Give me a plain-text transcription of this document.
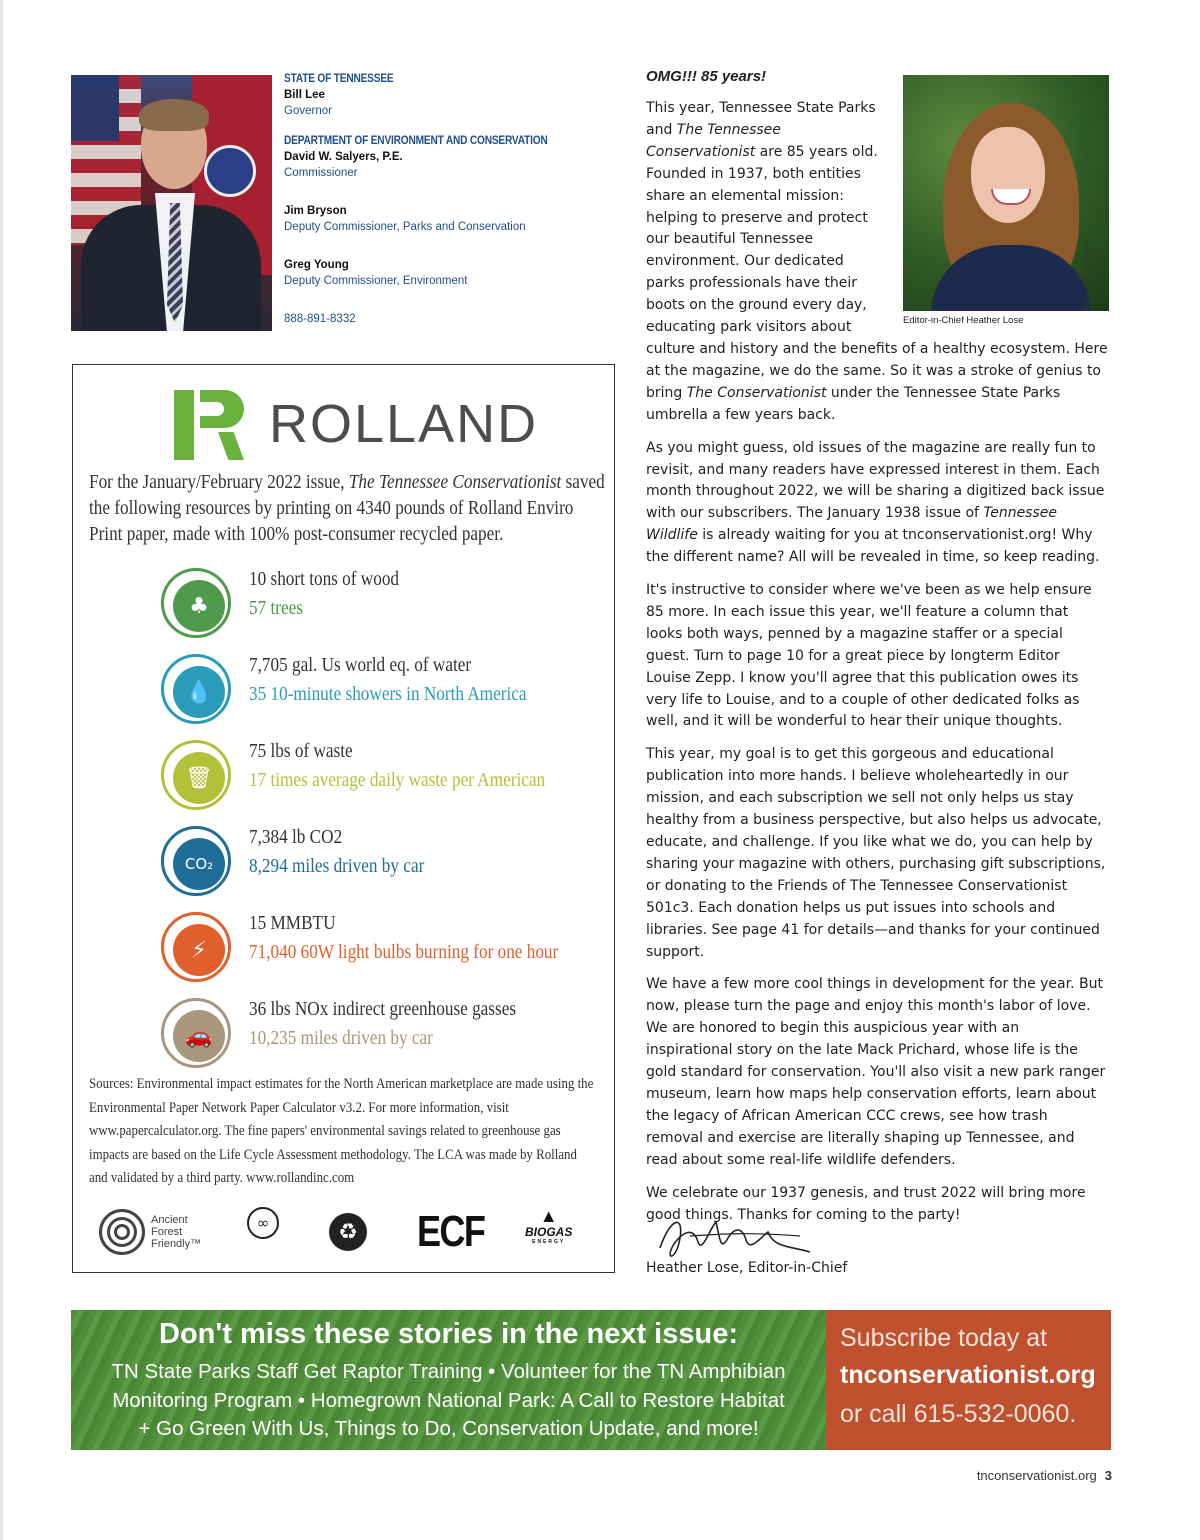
STATE OF TENNESSEE
Bill Lee
Governor
DEPARTMENT OF ENVIRONMENT AND CONSERVATION
David W. Salyers, P.E.
Commissioner
Jim Bryson
Deputy Commissioner, Parks and Conservation
Greg Young
Deputy Commissioner, Environment
888-891-8332
ROLLAND
For the January/February 2022 issue, The Tennessee Conservationist saved the following resources by printing on 4340 pounds of Rolland Enviro Print paper, made with 100% post-consumer recycled paper.
♣
10 short tons of wood
57 trees
💧
7,705 gal. Us world eq. of water
35 10-minute showers in North America
🗑
75 lbs of waste
17 times average daily waste per American
CO₂
7,384 lb CO2
8,294 miles driven by car
⚡
15 MMBTU
71,040 60W light bulbs burning for one hour
🚗
36 lbs NOx indirect greenhouse gasses
10,235 miles driven by car
Sources: Environmental impact estimates for the North American marketplace are made using the Environmental Paper Network Paper Calculator v3.2. For more information, visit www.papercalculator.org. The fine papers' environmental savings related to greenhouse gas impacts are based on the Life Cycle Assessment methodology. The LCA was made by Rolland and validated by a third party. www.rollandinc.com
Ancient Forest Friendly™
∞	♻ ECF	▲
BIOGAS
ENERGY
OMG!!! 85 years!
Andrea Behrends
Editor-in-Chief Heather Lose

This year, Tennessee State Parks and The Tennessee Conservationist are 85 years old. Founded in 1937, both entities share an elemental mission: helping to preserve and protect our beautiful Tennessee environment. Our dedicated parks professionals have their boots on the ground every day, educating park visitors about
culture and history and the benefits of a healthy ecosystem. Here at the magazine, we do the same. So it was a stroke of genius to bring The Conservationist under the Tennessee State Parks umbrella a few years back.

As you might guess, old issues of the magazine are really fun to revisit, and many readers have expressed interest in them. Each month throughout 2022, we will be sharing a digitized back issue with our subscribers. The January 1938 issue of Tennessee Wildlife is already waiting for you at tnconservationist.org! Why the different name? All will be revealed in time, so keep reading.

It's instructive to consider where we've been as we help ensure 85 more. In each issue this year, we'll feature a column that looks both ways, penned by a magazine staffer or a special guest. Turn to page 10 for a great piece by longterm Editor Louise Zepp. I know you'll agree that this publication owes its very life to Louise, and to a couple of other dedicated folks as well, and it will be wonderful to hear their unique thoughts.

This year, my goal is to get this gorgeous and educational publication into more hands. I believe wholeheartedly in our mission, and each subscription we sell not only helps us stay healthy from a business perspective, but also helps us advocate, educate, and challenge. If you like what we do, you can help by sharing your magazine with others, purchasing gift subscriptions, or donating to the Friends of The Tennessee Conservationist 501c3. Each donation helps us put issues into schools and libraries. See page 41 for details—and thanks for your continued support.

We have a few more cool things in development for the year. But now, please turn the page and enjoy this month's labor of love. We are honored to begin this auspicious year with an inspirational story on the late Mack Prichard, whose life is the gold standard for conservation. You'll also visit a new park ranger museum, learn how maps help conservation efforts, learn about the legacy of African American CCC crews, see how trash removal and exercise are literally shaping up Tennessee, and read about some real-life wildlife defenders.

We celebrate our 1937 genesis, and trust 2022 will bring more good things. Thanks for coming to the party!

Heather Lose, Editor-in-Chief
Don't miss these stories in the next issue:
TN State Parks Staff Get Raptor Training • Volunteer for the TN Amphibian
Monitoring Program • Homegrown National Park: A Call to Restore Habitat
+ Go Green With Us, Things to Do, Conservation Update, and more!
Subscribe today at
tnconservationist.org
or call 615-532-0060.
tnconservationist.org 3
